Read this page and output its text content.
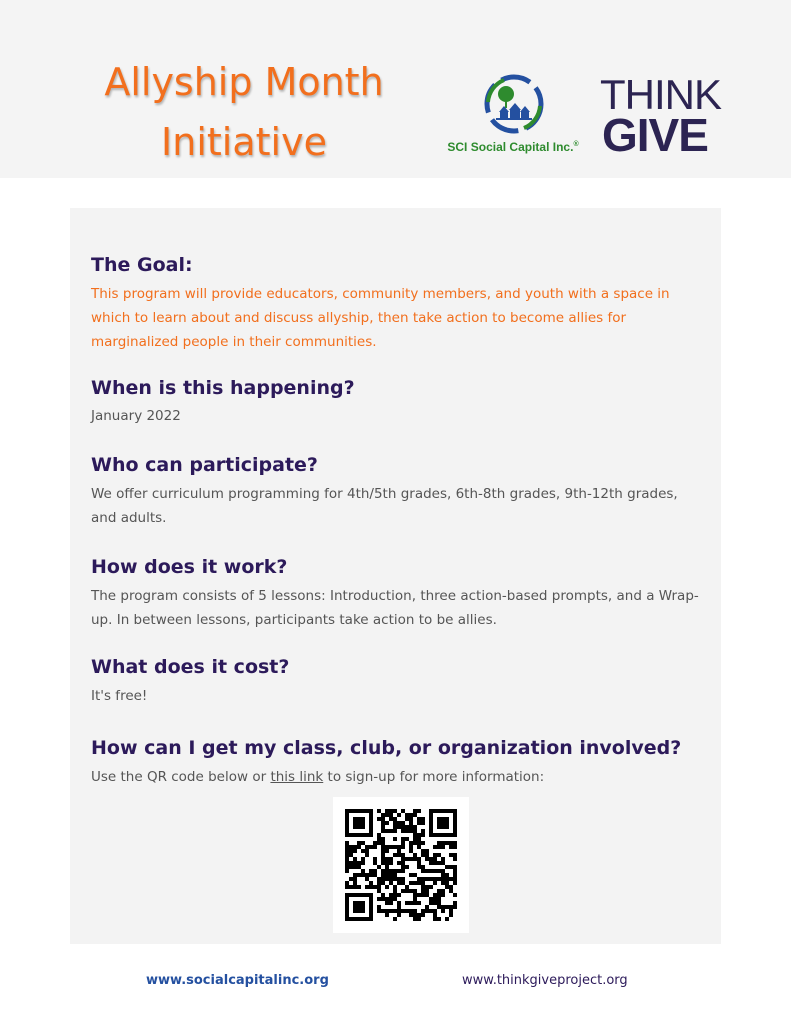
Allyship Month
Initiative	SCI Social Capital Inc.®
THINK
GIVE
The Goal:
This program will provide educators, community members, and youth with a space in which to learn about and discuss allyship, then take action to become allies for marginalized people in their communities.
When is this happening?
January 2022
Who can participate?
We offer curriculum programming for 4th/5th grades, 6th-8th grades, 9th-12th grades, and adults.
How does it work?
The program consists of 5 lessons: Introduction, three action-based prompts, and a Wrap-up. In between lessons, participants take action to be allies.
What does it cost?
It's free!
How can I get my class, club, or organization involved?
Use the QR code below or this link to sign-up for more information:
www.socialcapitalinc.org	www.thinkgiveproject.org
